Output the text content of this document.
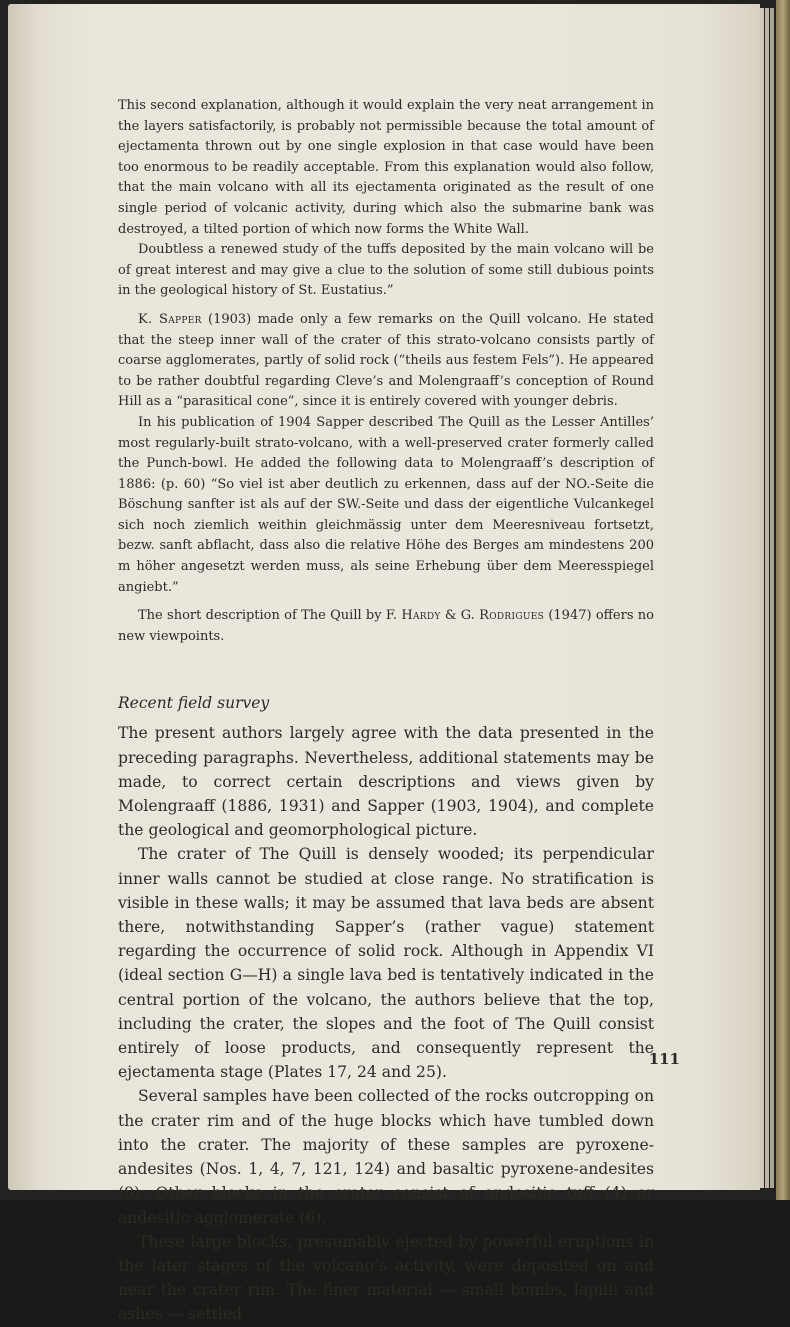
This second explanation, although it would explain the very neat arrangement in the layers satisfactorily, is probably not permissible because the total amount of ejectamenta thrown out by one single explosion in that case would have been too enormous to be readily acceptable. From this explanation would also follow, that the main volcano with all its ejectamenta originated as the result of one single period of volcanic activity, during which also the submarine bank was destroyed, a tilted portion of which now forms the White Wall.

Doubtless a renewed study of the tuffs deposited by the main volcano will be of great interest and may give a clue to the solution of some still dubious points in the geological history of St. Eustatius.”

K. Sapper (1903) made only a few remarks on the Quill volcano. He stated that the steep inner wall of the crater of this strato-volcano consists partly of coarse agglomerates, partly of solid rock (“theils aus festem Fels”). He appeared to be rather doubtful regarding Cleve’s and Molengraaff’s conception of Round Hill as a “parasitical cone”, since it is entirely covered with younger debris.

In his publication of 1904 Sapper described The Quill as the Lesser Antilles’ most regularly-built strato-volcano, with a well-preserved crater formerly called the Punch-bowl. He added the following data to Molengraaff’s description of 1886: (p. 60) “So viel ist aber deutlich zu erkennen, dass auf der NO.-Seite die Böschung sanfter ist als auf der SW.-Seite und dass der eigentliche Vulcankegel sich noch ziemlich weithin gleichmässig unter dem Meeresniveau fortsetzt, bezw. sanft abflacht, dass also die relative Höhe des Berges am mindestens 200 m höher angesetzt werden muss, als seine Erhebung über dem Meeresspiegel angiebt.”

The short description of The Quill by F. Hardy & G. Rodrigues (1947) offers no new viewpoints.

Recent field survey

The present authors largely agree with the data presented in the preceding paragraphs. Nevertheless, additional statements may be made, to correct certain descriptions and views given by Molengraaff (1886, 1931) and Sapper (1903, 1904), and complete the geological and geomorphological picture.

The crater of The Quill is densely wooded; its perpendicular inner walls cannot be studied at close range. No stratification is visible in these walls; it may be assumed that lava beds are absent there, notwithstanding Sapper’s (rather vague) statement regarding the occurrence of solid rock. Although in Appendix VI (ideal section G—H) a single lava bed is tentatively indicated in the central portion of the volcano, the authors believe that the top, including the crater, the slopes and the foot of The Quill consist entirely of loose products, and consequently represent the ejectamenta stage (Plates 17, 24 and 25).

Several samples have been collected of the rocks outcropping on the crater rim and of the huge blocks which have tumbled down into the crater. The majority of these samples are pyroxene-andesites (Nos. 1, 4, 7, 121, 124) and basaltic pyroxene-andesites (9). Other blocks in the crater consist of andesitic tuff (4) or andesitic agglomerate (6).

These large blocks, presumably ejected by powerful eruptions in the later stages of the volcano’s activity, were deposited on and near the crater rim. The finer material — small bombs, lapilli and ashes — settled

111
